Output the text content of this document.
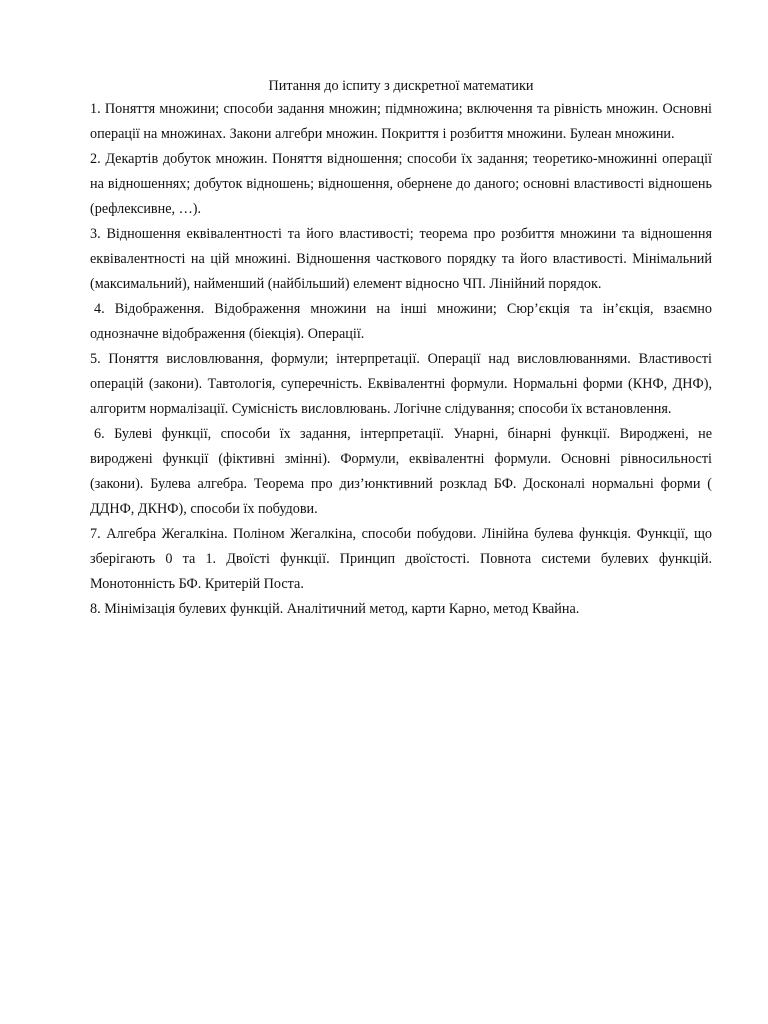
Питання до іспиту з дискретної математики

1. Поняття множини; способи задання множин; підмножина; включення та рівність множин. Основні операції на множинах. Закони алгебри множин. Покриття і розбиття множини. Булеан множини.

2. Декартів добуток множин. Поняття відношення; способи їх задання; теоретико-множинні операції на відношеннях; добуток відношень; відношення, обернене до даного; основні властивості відношень (рефлексивне, …).

3. Відношення еквівалентності та його властивості; теорема про розбиття множини та відношення еквівалентності на цій множині. Відношення часткового порядку та його властивості. Мінімальний (максимальний), найменший (найбільший) елемент відносно ЧП. Лінійний порядок.

4. Відображення. Відображення множини на інші множини; Сюр’єкція та ін’єкція, взаємно однозначне відображення (біекція). Операції.

5. Поняття висловлювання, формули; інтерпретації. Операції над висловлюваннями. Властивості операцій (закони). Тавтологія, суперечність. Еквівалентні формули. Нормальні форми (КНФ, ДНФ), алгоритм нормалізації. Сумісність висловлювань. Логічне слідування; способи їх встановлення.

6. Булеві функції, способи їх задання, інтерпретації. Унарні, бінарні функції. Вироджені, не вироджені функції (фіктивні змінні). Формули, еквівалентні формули. Основні рівносильності (закони). Булева алгебра. Теорема про диз’юнктивний розклад БФ. Досконалі нормальні форми ( ДДНФ, ДКНФ), способи їх побудови.

7. Алгебра Жегалкіна. Поліном Жегалкіна, способи побудови. Лінійна булева функція. Функції, що зберігають 0 та 1. Двоїсті функції. Принцип двоїстості. Повнота системи булевих функцій. Монотонність БФ. Критерій Поста.

8. Мінімізація булевих функцій. Аналітичний метод, карти Карно, метод Квайна.
